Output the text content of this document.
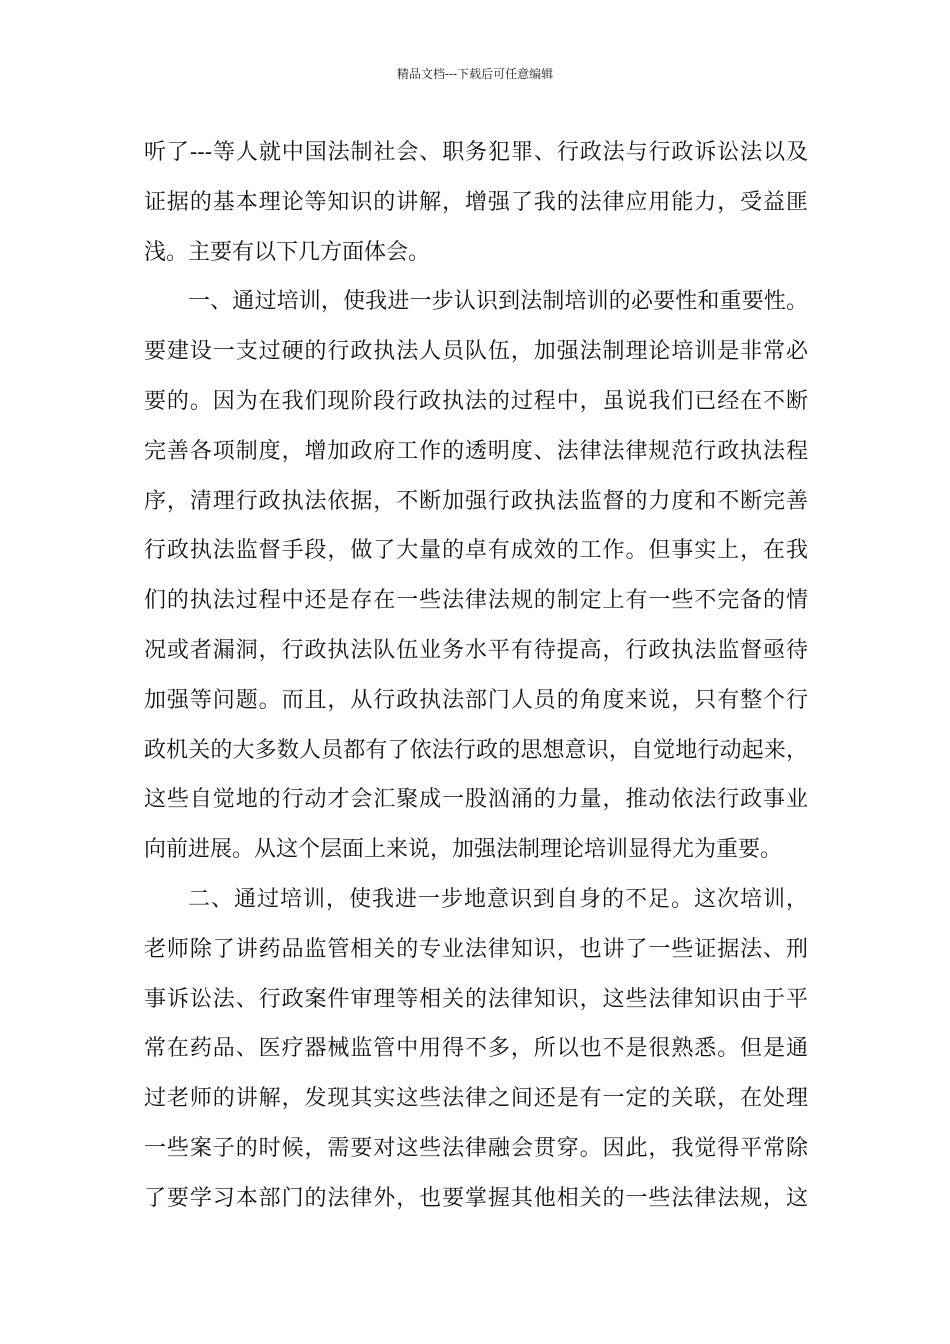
精品文档---下载后可任意编辑
听了---等人就中国法制社会、职务犯罪、行政法与行政诉讼法以及
证据的基本理论等知识的讲解，增强了我的法律应用能力，受益匪
浅。主要有以下几方面体会。
一、通过培训，使我进一步认识到法制培训的必要性和重要性。
要建设一支过硬的行政执法人员队伍，加强法制理论培训是非常必
要的。因为在我们现阶段行政执法的过程中，虽说我们已经在不断
完善各项制度，增加政府工作的透明度、法律法律规范行政执法程
序，清理行政执法依据，不断加强行政执法监督的力度和不断完善
行政执法监督手段，做了大量的卓有成效的工作。但事实上，在我
们的执法过程中还是存在一些法律法规的制定上有一些不完备的情
况或者漏洞，行政执法队伍业务水平有待提高，行政执法监督亟待
加强等问题。而且，从行政执法部门人员的角度来说，只有整个行
政机关的大多数人员都有了依法行政的思想意识，自觉地行动起来，
这些自觉地的行动才会汇聚成一股汹涌的力量，推动依法行政事业
向前进展。从这个层面上来说，加强法制理论培训显得尤为重要。
二、通过培训，使我进一步地意识到自身的不足。这次培训，
老师除了讲药品监管相关的专业法律知识，也讲了一些证据法、刑
事诉讼法、行政案件审理等相关的法律知识，这些法律知识由于平
常在药品、医疗器械监管中用得不多，所以也不是很熟悉。但是通
过老师的讲解，发现其实这些法律之间还是有一定的关联，在处理
一些案子的时候，需要对这些法律融会贯穿。因此，我觉得平常除
了要学习本部门的法律外，也要掌握其他相关的一些法律法规，这
